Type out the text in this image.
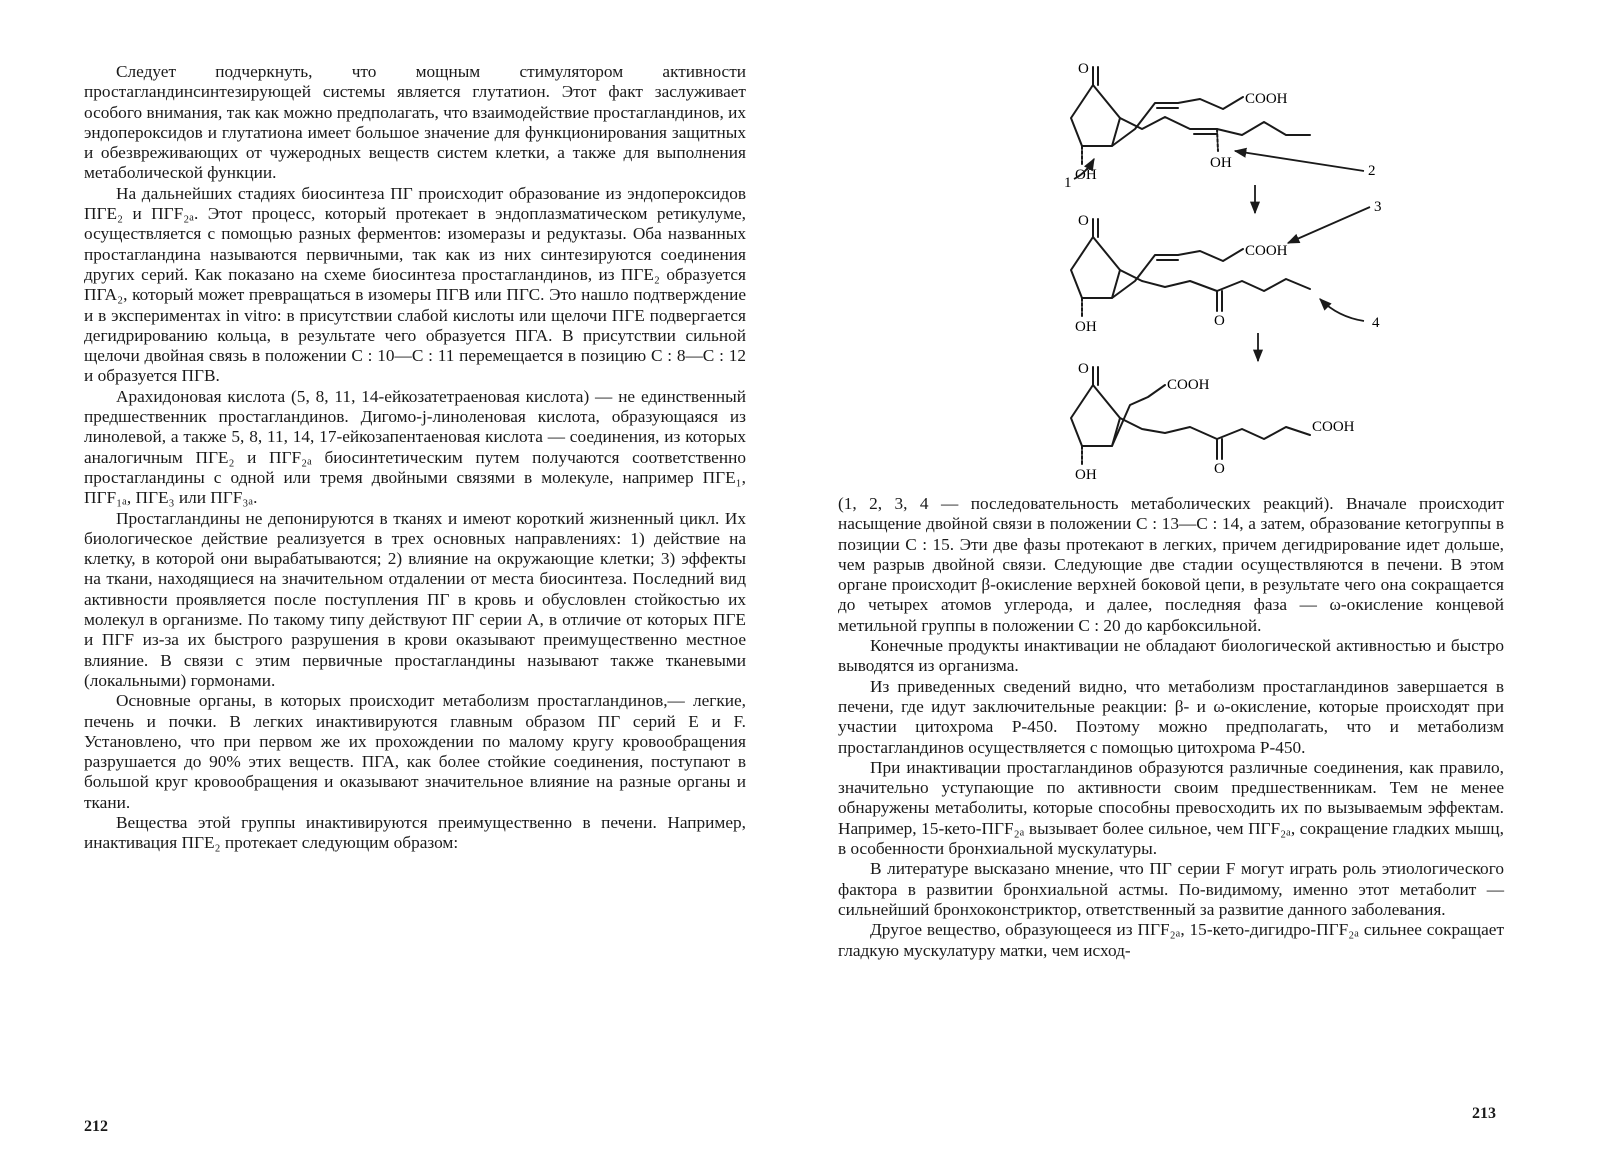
Следует подчеркнуть, что мощным стимулятором активности простагландинсинтезирующей системы является глутатион. Этот факт заслуживает особого внимания, так как можно предполагать, что взаимодействие простагландинов, их эндопероксидов и глутатиона имеет большое значение для функционирования защитных и обезвреживающих от чужеродных веществ систем клетки, а также для выполнения метаболической функции.

На дальнейших стадиях биосинтеза ПГ происходит образование из эндопероксидов ПГЕ₂ и ПГF₂ₐ. Этот процесс, который протекает в эндоплазматическом ретикулуме, осуществляется с помощью разных ферментов: изомеразы и редуктазы. Оба названных простагландина называются первичными, так как из них синтезируются соединения других серий. Как показано на схеме биосинтеза простагландинов, из ПГЕ₂ образуется ПГА₂, который может превращаться в изомеры ПГВ или ПГС. Это нашло подтверждение и в экспериментах in vitro: в присутствии слабой кислоты или щелочи ПГЕ подвергается дегидрированию кольца, в результате чего образуется ПГА. В присутствии сильной щелочи двойная связь в положении С : 10—С : 11 перемещается в позицию С : 8—С : 12 и образуется ПГВ.

Арахидоновая кислота (5, 8, 11, 14-ейкозатетраеновая кислота) — не единственный предшественник простагландинов. Дигомо-j-линоленовая кислота, образующаяся из линолевой, а также 5, 8, 11, 14, 17-ейкозапентаеновая кислота — соединения, из которых аналогичным ПГЕ₂ и ПГF₂ₐ биосинтетическим путем получаются соответственно простагландины с одной или тремя двойными связями в молекуле, например ПГЕ₁, ПГF₁ₐ, ПГЕ₃ или ПГF₃ₐ.

Простагландины не депонируются в тканях и имеют короткий жизненный цикл. Их биологическое действие реализуется в трех основных направлениях: 1) действие на клетку, в которой они вырабатываются; 2) влияние на окружающие клетки; 3) эффекты на ткани, находящиеся на значительном отдалении от места биосинтеза. Последний вид активности проявляется после поступления ПГ в кровь и обусловлен стойкостью их молекул в организме. По такому типу действуют ПГ серии А, в отличие от которых ПГЕ и ПГF из-за их быстрого разрушения в крови оказывают преимущественно местное влияние. В связи с этим первичные простагландины называют также тканевыми (локальными) гормонами.

Основные органы, в которых происходит метаболизм простагландинов,— легкие, печень и почки. В легких инактивируются главным образом ПГ серий Е и F. Установлено, что при первом же их прохождении по малому кругу кровообращения разрушается до 90% этих веществ. ПГА, как более стойкие соединения, поступают в большой круг кровообращения и оказывают значительное влияние на разные органы и ткани.

Вещества этой группы инактивируются преимущественно в печени. Например, инактивация ПГЕ₂ протекает следующим образом:

212
O
OH
OH
COOH
1
2
O
OH	O
COOH
3
4
O
OH	O
COOH
COOH

(1, 2, 3, 4 — последовательность метаболических реакций). Вначале происходит насыщение двойной связи в положении С : 13—С : 14, а затем, образование кетогруппы в позиции С : 15. Эти две фазы протекают в легких, причем дегидрирование идет дольше, чем разрыв двойной связи. Следующие две стадии осуществляются в печени. В этом органе происходит β-окисление верхней боковой цепи, в результате чего она сокращается до четырех атомов углерода, и далее, последняя фаза — ω-окисление концевой метильной группы в положении С : 20 до карбоксильной.

Конечные продукты инактивации не обладают биологической активностью и быстро выводятся из организма.

Из приведенных сведений видно, что метаболизм простагландинов завершается в печени, где идут заключительные реакции: β- и ω-окисление, которые происходят при участии цитохрома Р-450. Поэтому можно предполагать, что и метаболизм простагландинов осуществляется с помощью цитохрома Р-450.

При инактивации простагландинов образуются различные соединения, как правило, значительно уступающие по активности своим предшественникам. Тем не менее обнаружены метаболиты, которые способны превосходить их по вызываемым эффектам. Например, 15-кето-ПГF₂ₐ вызывает более сильное, чем ПГF₂ₐ, сокращение гладких мышц, в особенности бронхиальной мускулатуры.

В литературе высказано мнение, что ПГ серии F могут играть роль этиологического фактора в развитии бронхиальной астмы. По-видимому, именно этот метаболит — сильнейший бронхоконстриктор, ответственный за развитие данного заболевания.

Другое вещество, образующееся из ПГF₂ₐ, 15-кето-дигидро-ПГF₂ₐ сильнее сокращает гладкую мускулатуру матки, чем исход-

213
